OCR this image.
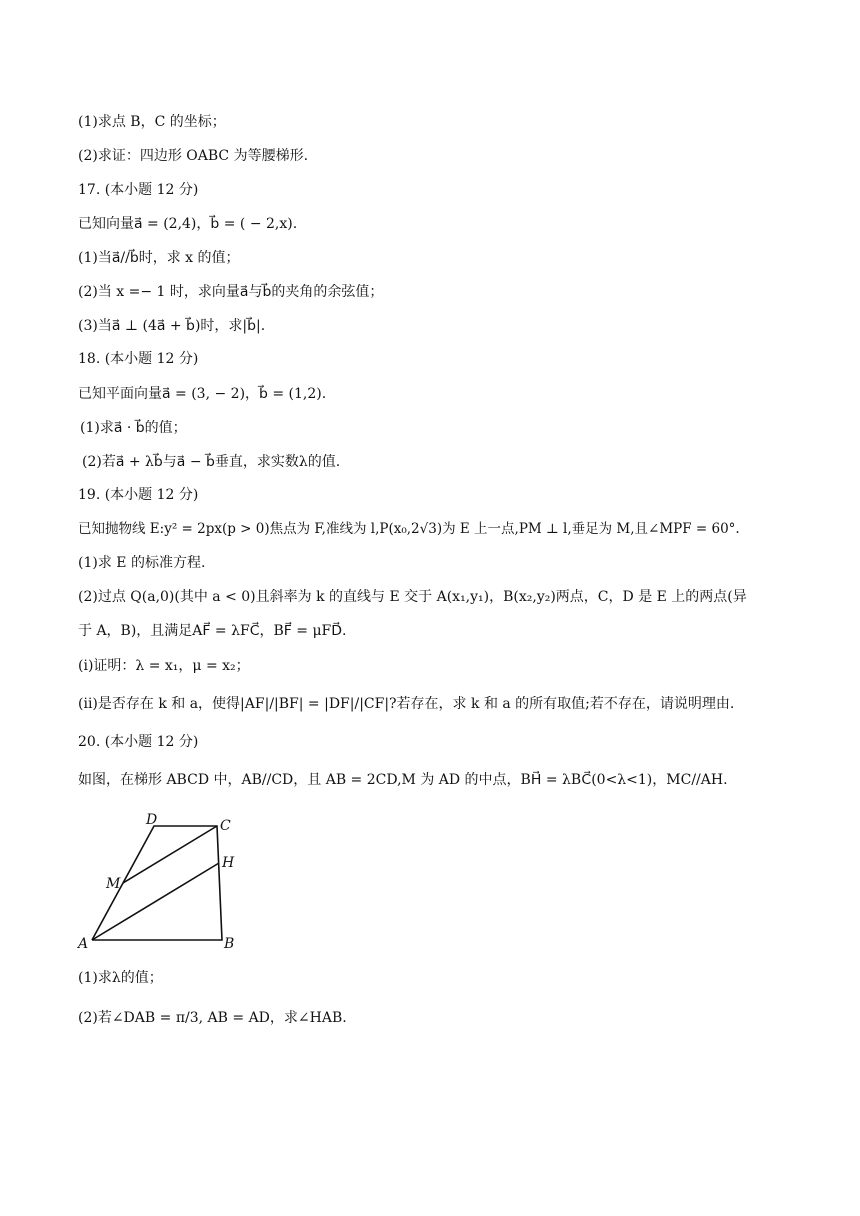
(1)求点 B，C 的坐标；
(2)求证：四边形 OABC 为等腰梯形.
17. (本小题 12 分)
已知向量a⃗ = (2,4)，b⃗ = ( − 2,x).
(1)当a⃗//b⃗时，求 x 的值；
(2)当 x =− 1 时，求向量a⃗与b⃗的夹角的余弦值；
(3)当a⃗ ⊥ (4a⃗ + b⃗)时，求|b⃗|.
18. (本小题 12 分)
已知平面向量a⃗ = (3, − 2)，b⃗ = (1,2).
(1)求a⃗ · b⃗的值；
(2)若a⃗ + λb⃗与a⃗ − b⃗垂直，求实数λ的值.
19. (本小题 12 分)
已知抛物线 E:y² = 2px(p > 0)焦点为 F,准线为 l,P(x₀,2√3)为 E 上一点,PM ⊥ l,垂足为 M,且∠MPF = 60°.
(1)求 E 的标准方程.
(2)过点 Q(a,0)(其中 a < 0)且斜率为 k 的直线与 E 交于 A(x₁,y₁)，B(x₂,y₂)两点，C，D 是 E 上的两点(异
于 A，B)，且满足AF⃗ = λFC⃗，BF⃗ = μFD⃗.
(ⅰ)证明：λ = x₁，μ = x₂；
(ⅱ)是否存在 k 和 a，使得|AF|/|BF| = |DF|/|CF|?若存在，求 k 和 a 的所有取值;若不存在，请说明理由.
20. (本小题 12 分)
如图，在梯形 ABCD 中，AB//CD，且 AB = 2CD,M 为 AD 的中点，BH⃗ = λBC⃗(0<λ<1)，MC//AH.
(1)求λ的值；
(2)若∠DAB = π/3, AB = AD，求∠HAB.
A	B
C
D
H
M
